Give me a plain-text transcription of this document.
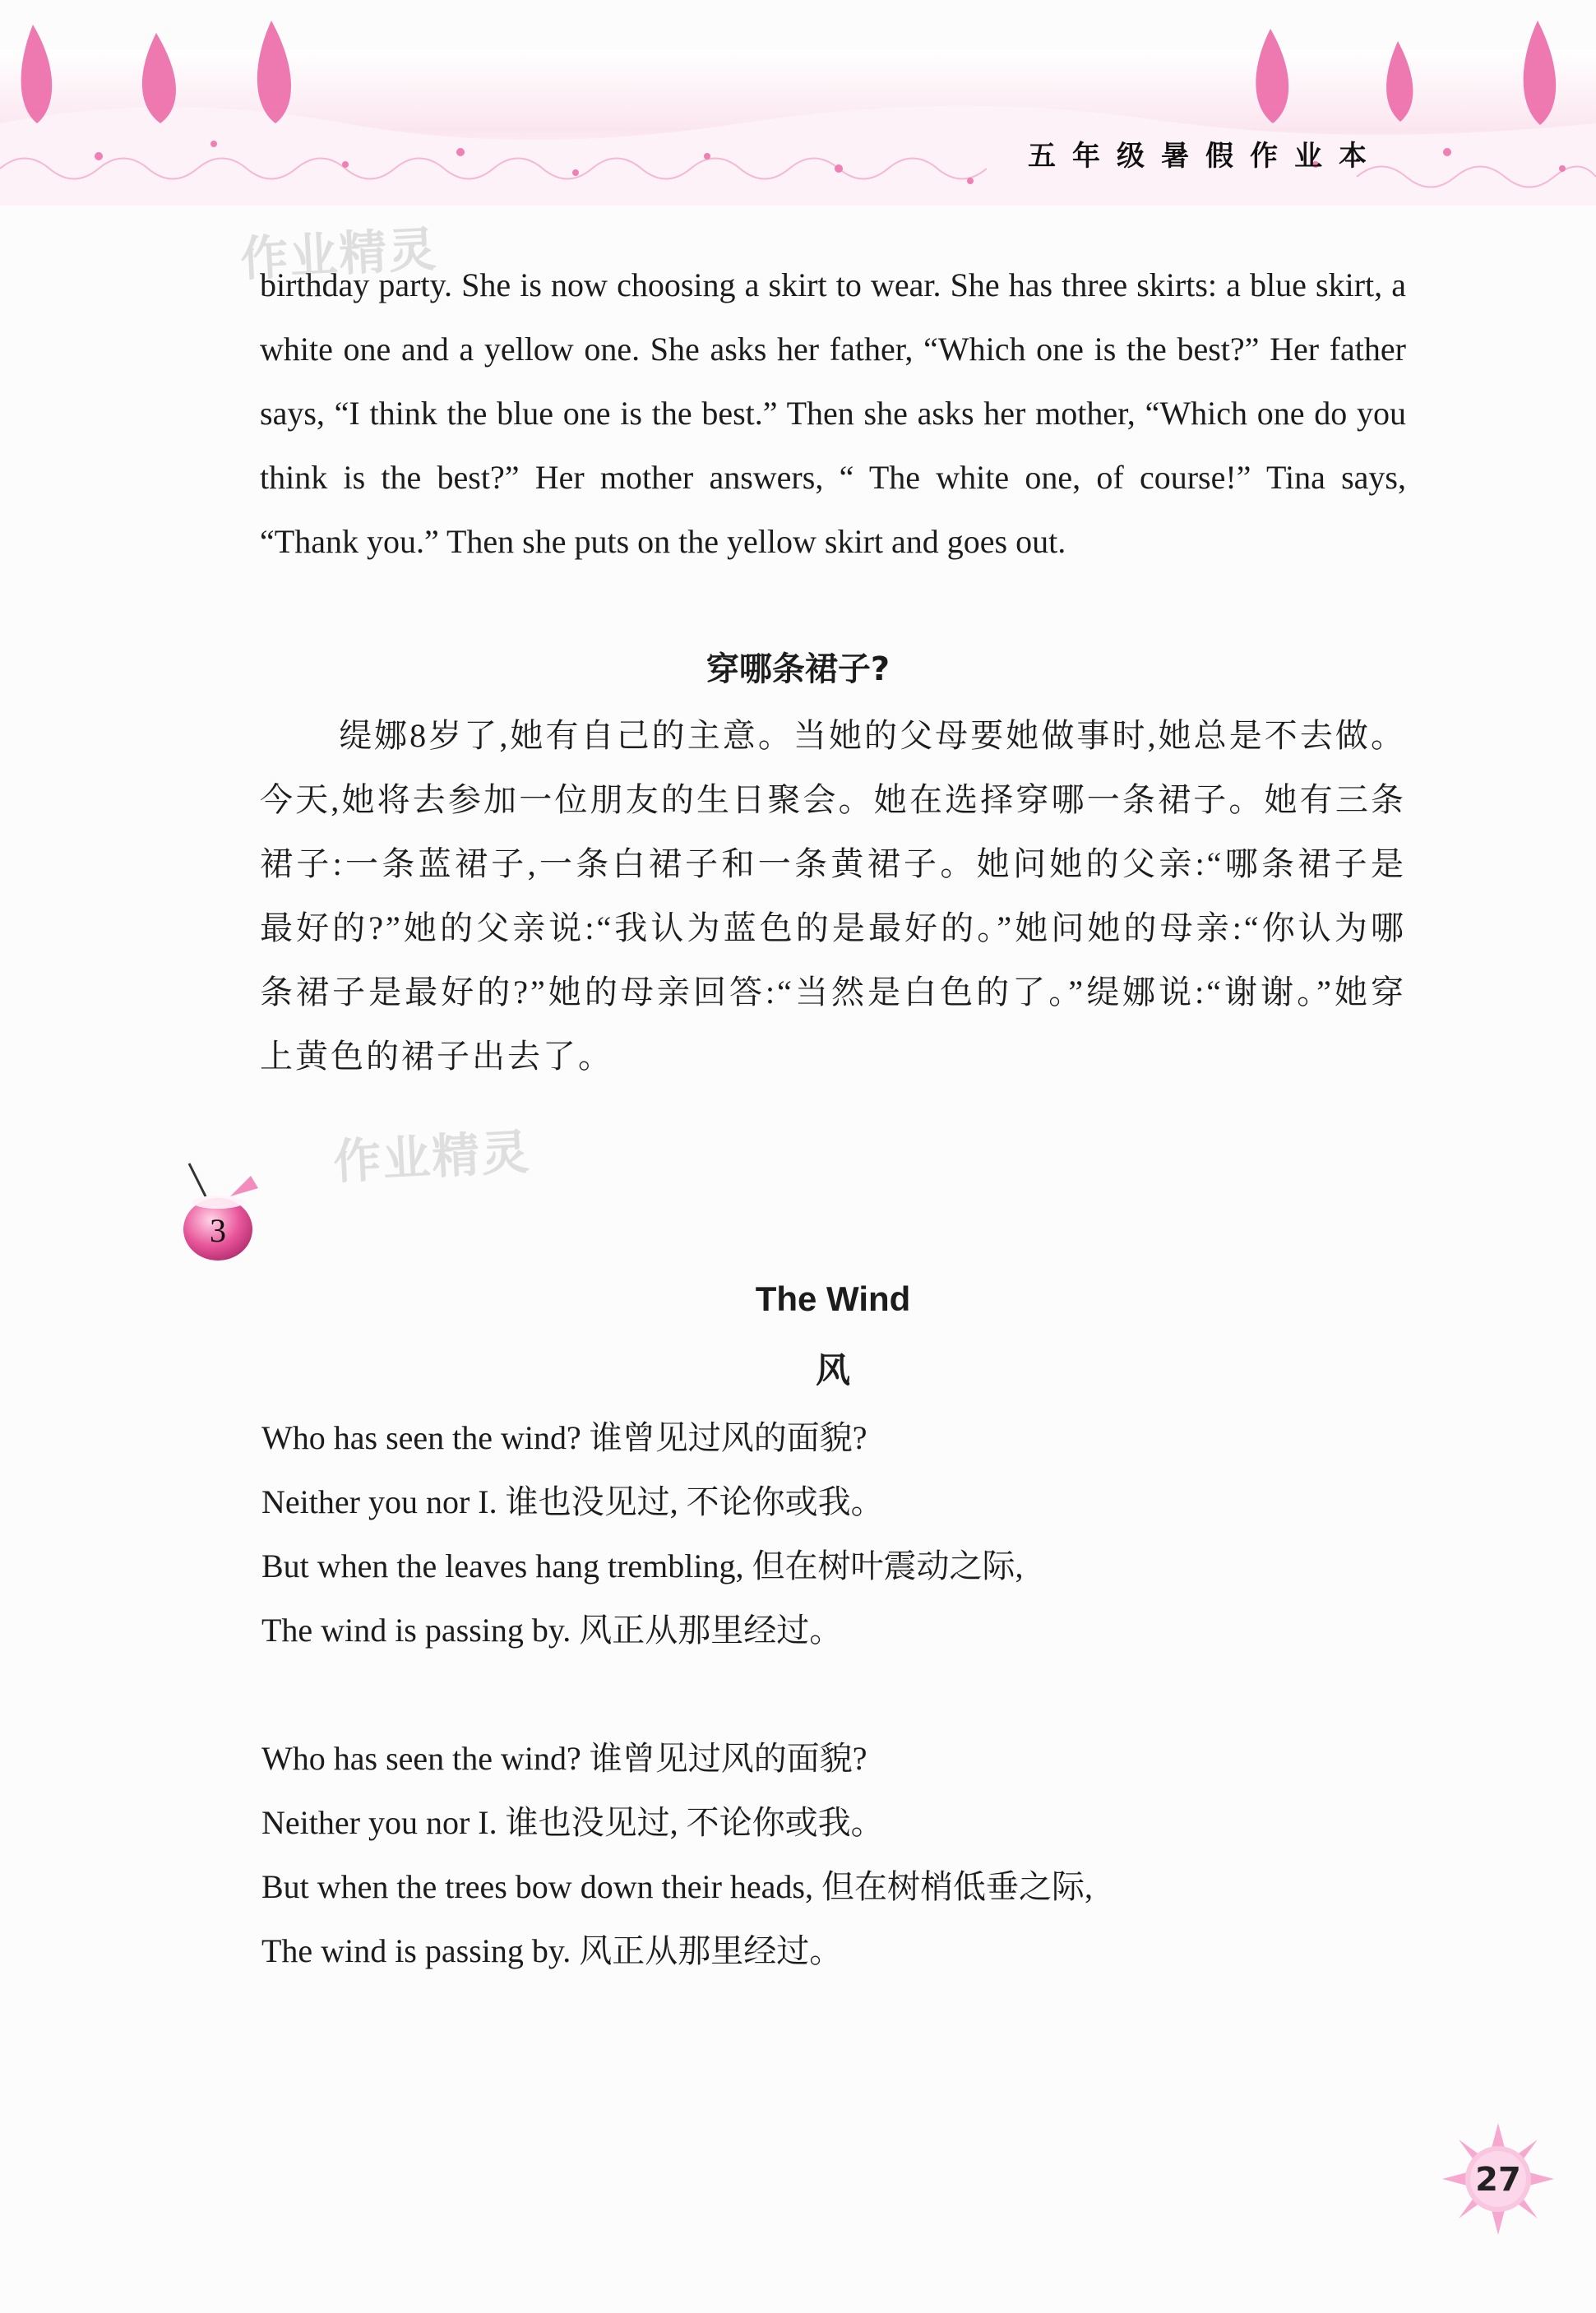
五年级暑假作业本
作业精灵
作业精灵

birthday party. She is now choosing a skirt to wear. She has three skirts: a blue skirt, a white one and a yellow one. She asks her father, “Which one is the best?” Her father says, “I think the blue one is the best.” Then she asks her mother, “Which one do you think is the best?” Her mother answers, “ The white one, of course!” Tina says, “Thank you.” Then she puts on the yellow skirt and goes out.

穿哪条裙子?

缇娜8岁了,她有自己的主意。当她的父母要她做事时,她总是不去做。今天,她将去参加一位朋友的生日聚会。她在选择穿哪一条裙子。她有三条裙子:一条蓝裙子,一条白裙子和一条黄裙子。她问她的父亲:“哪条裙子是最好的?”她的父亲说:“我认为蓝色的是最好的。”她问她的母亲:“你认为哪条裙子是最好的?”她的母亲回答:“当然是白色的了。”缇娜说:“谢谢。”她穿上黄色的裙子出去了。

3
The Wind
风
Who has seen the wind? 谁曾见过风的面貌?
Neither you nor I. 谁也没见过, 不论你或我。
But when the leaves hang trembling, 但在树叶震动之际,
The wind is passing by. 风正从那里经过。
Who has seen the wind? 谁曾见过风的面貌?
Neither you nor I. 谁也没见过, 不论你或我。
But when the trees bow down their heads, 但在树梢低垂之际,
The wind is passing by. 风正从那里经过。
27
